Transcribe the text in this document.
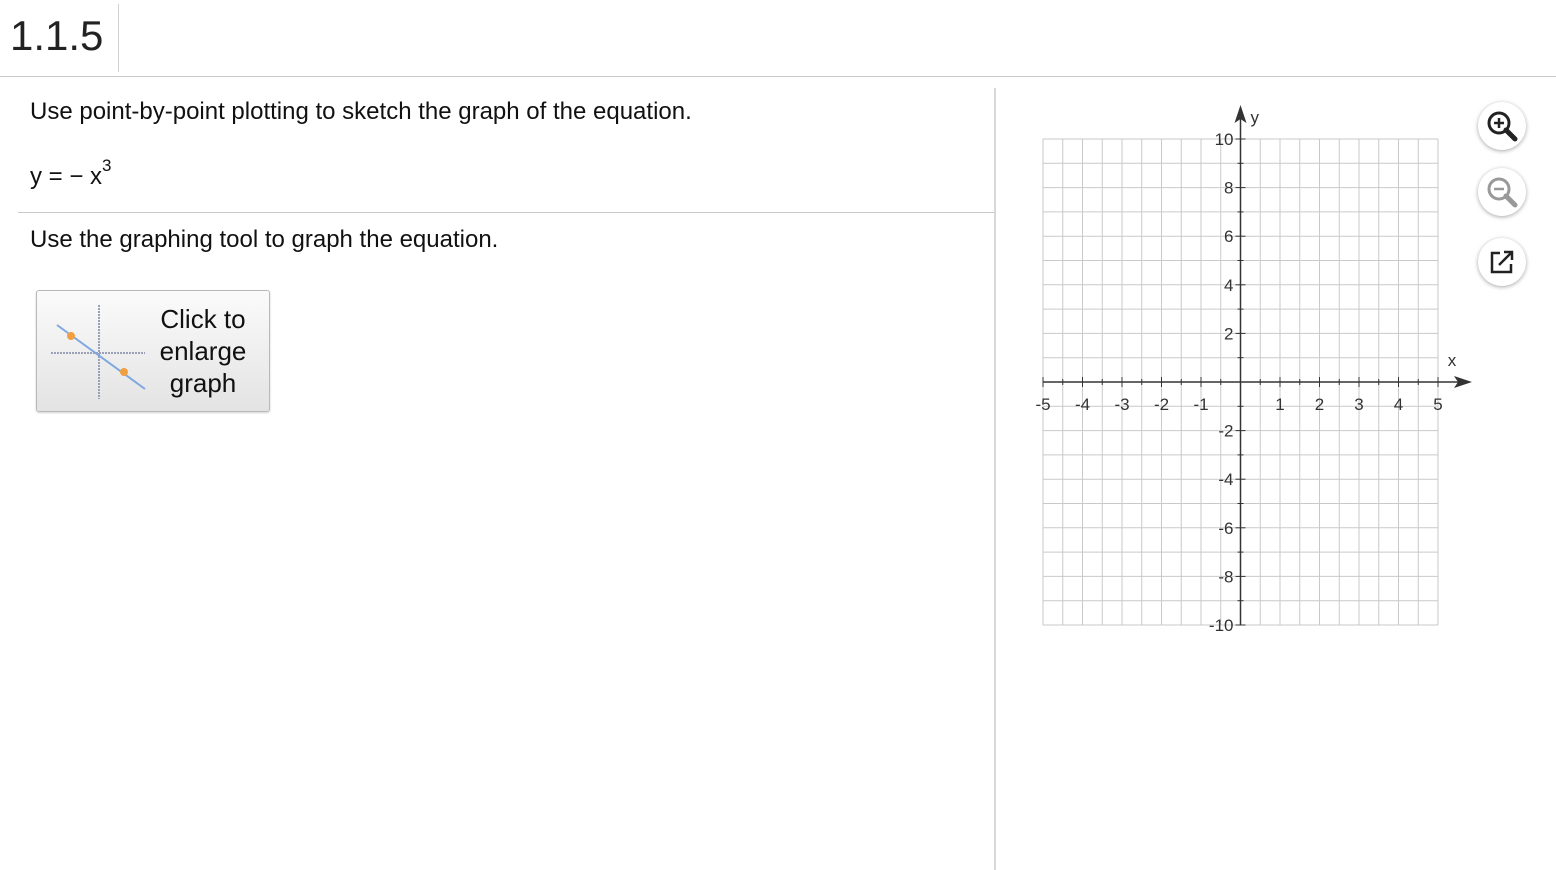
1.1.5
Use point-by-point plotting to sketch the graph of the equation.
y = − $x^3$
Use the graphing tool to graph the equation.
Click to
enlarge
graph
-5 -4 -3 -2 -1	1 2 3 4 5
10
8
6
4
2
-2
-4
-6
-8
-10
x
y
